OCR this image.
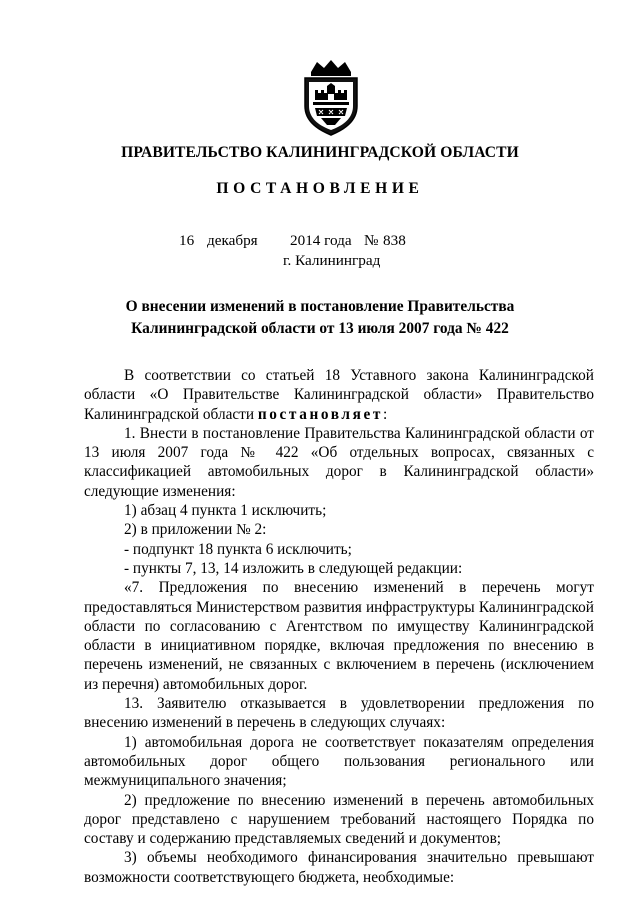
ПРАВИТЕЛЬСТВО КАЛИНИНГРАДСКОЙ ОБЛАСТИ
ПОСТАНОВЛЕНИЕ
16 декабря 2014 года № 838
г. Калининград
О внесении изменений в постановление Правительства
Калининградской области от 13 июля 2007 года № 422

В соответствии со статьей 18 Уставного закона Калининградской области «О Правительстве Калининградской области» Правительство Калининградской области постановляет:

1. Внести в постановление Правительства Калининградской области от 13 июля 2007 года № 422 «Об отдельных вопросах, связанных с классификацией автомобильных дорог в Калининградской области» следующие изменения:

1) абзац 4 пункта 1 исключить;

2) в приложении № 2:

- подпункт 18 пункта 6 исключить;

- пункты 7, 13, 14 изложить в следующей редакции:

«7. Предложения по внесению изменений в перечень могут предоставляться Министерством развития инфраструктуры Калининградской области по согласованию с Агентством по имуществу Калининградской области в инициативном порядке, включая предложения по внесению в перечень изменений, не связанных с включением в перечень (исключением из перечня) автомобильных дорог.

13. Заявителю отказывается в удовлетворении предложения по внесению изменений в перечень в следующих случаях:

1) автомобильная дорога не соответствует показателям определения автомобильных дорог общего пользования регионального или межмуниципального значения;

2) предложение по внесению изменений в перечень автомобильных дорог представлено с нарушением требований настоящего Порядка по составу и содержанию представляемых сведений и документов;

3) объемы необходимого финансирования значительно превышают возможности соответствующего бюджета, необходимые:
